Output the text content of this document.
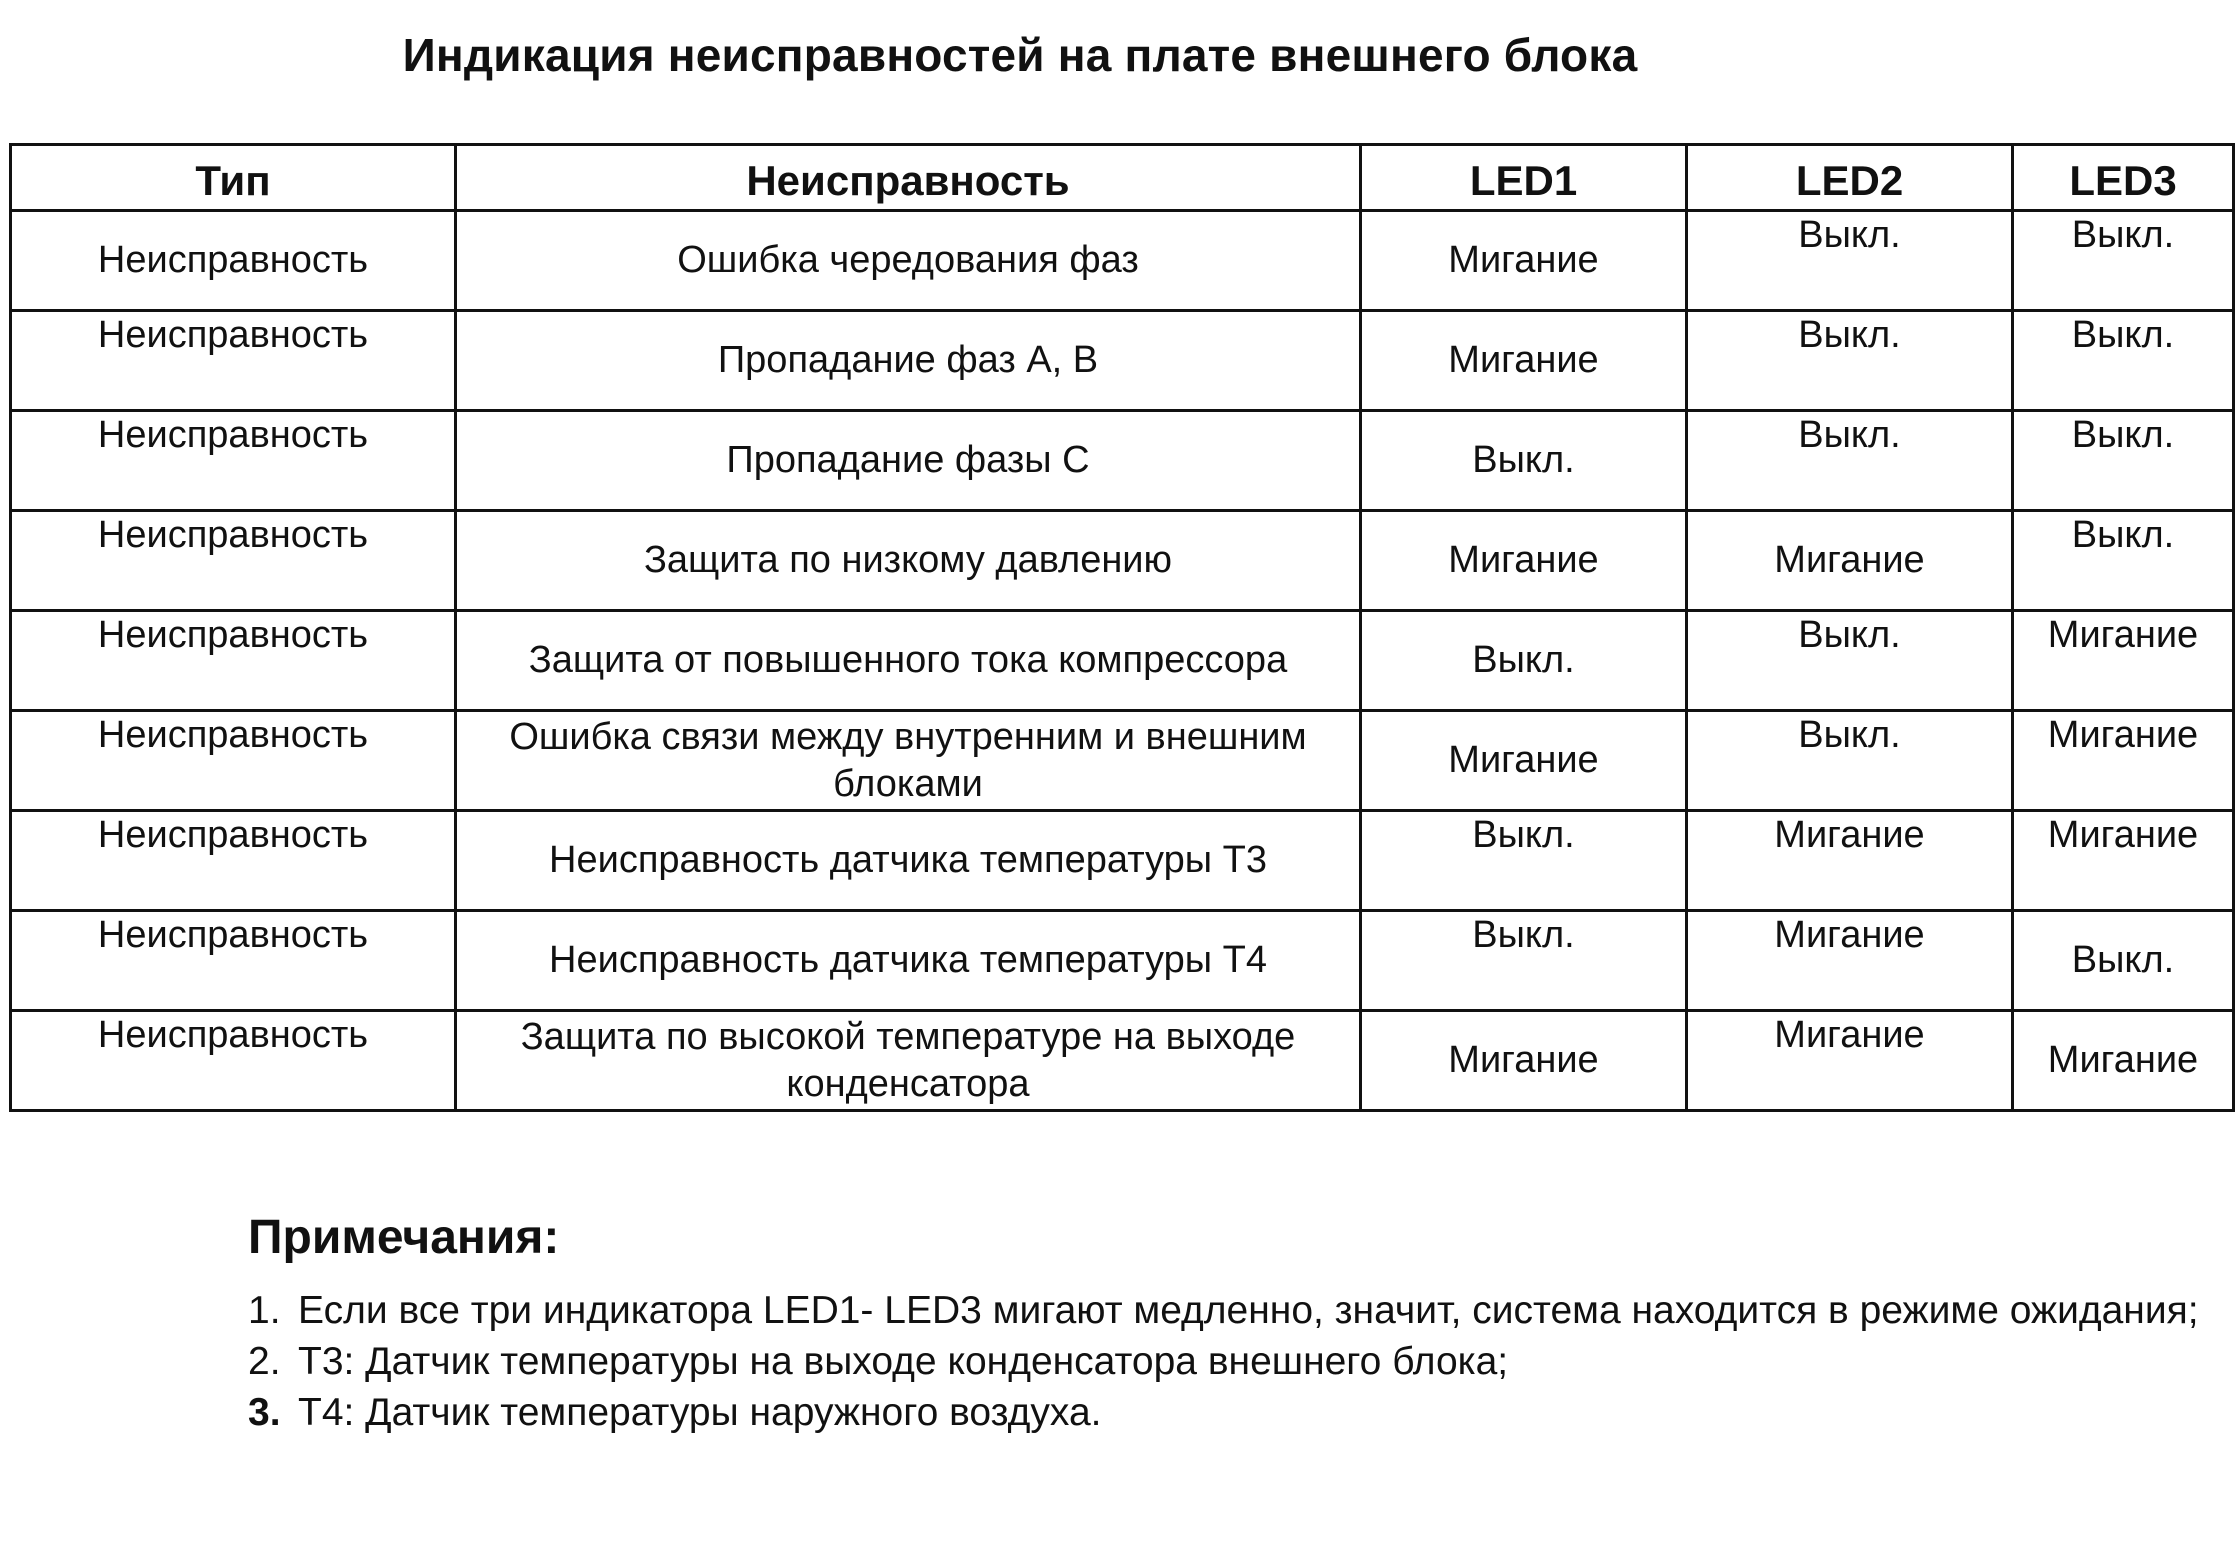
Индикация неисправностей на плате внешнего блока
Тип	Неисправность	LED1	LED2	LED3
Неисправность	Ошибка чередования фаз	Мигание	Выкл.	Выкл.
Неисправность	Пропадание фаз А, В	Мигание	Выкл.	Выкл.
Неисправность	Пропадание фазы С	Выкл.	Выкл.	Выкл.
Неисправность	Защита по низкому давлению	Мигание	Мигание	Выкл.
Неисправность	Защита от повышенного тока компрессора	Выкл.	Выкл.	Мигание
Неисправность	Ошибка связи между внутренним и внешним блоками	Мигание	Выкл.	Мигание
Неисправность	Неисправность датчика температуры Т3	Выкл.	Мигание	Мигание
Неисправность	Неисправность датчика температуры Т4	Выкл.	Мигание	Выкл.
Неисправность	Защита по высокой температуре на выходе конденсатора	Мигание	Мигание	Мигание
Примечания:
1. Если все три индикатора LED1- LED3 мигают медленно, значит, система находится в режиме ожидания;
2. Т3: Датчик температуры на выходе конденсатора внешнего блока;
3. Т4: Датчик температуры наружного воздуха.
